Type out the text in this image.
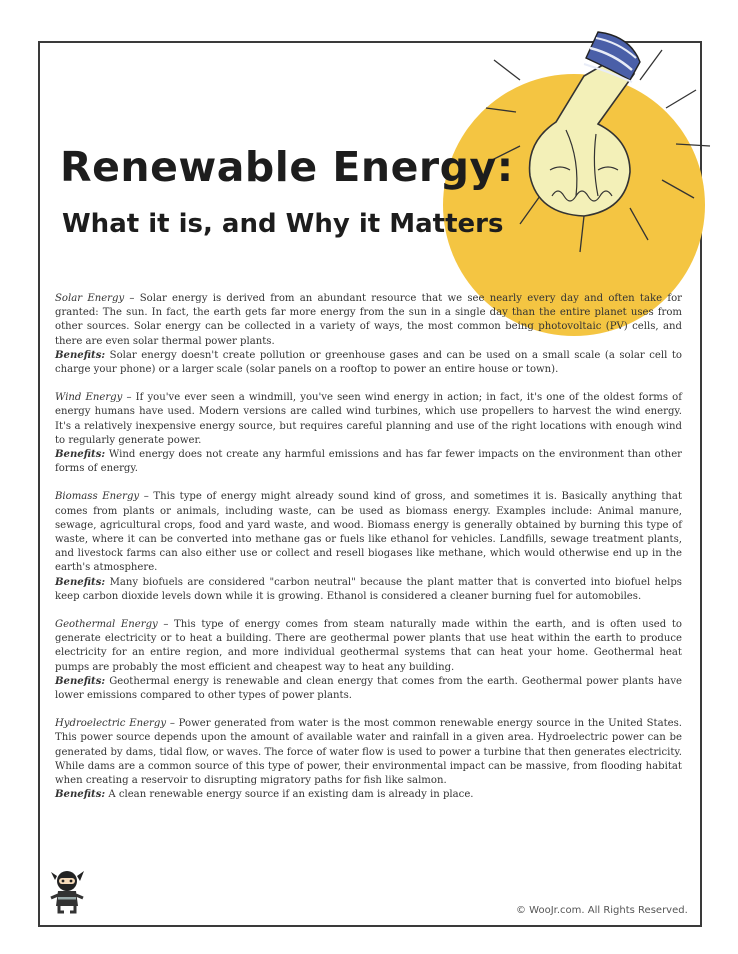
Renewable Energy:
What it is, and Why it Matters

Solar Energy – Solar energy is derived from an abundant resource that we see nearly every day and often take for granted: The sun. In fact, the earth gets far more energy from the sun in a single day than the entire planet uses from other sources. Solar energy can be collected in a variety of ways, the most common being photovoltaic (PV) cells, and there are even solar thermal power plants.

Benefits: Solar energy doesn't create pollution or greenhouse gases and can be used on a small scale (a solar cell to charge your phone) or a larger scale (solar panels on a rooftop to power an entire house or town).

Wind Energy – If you've ever seen a windmill, you've seen wind energy in action; in fact, it's one of the oldest forms of energy humans have used. Modern versions are called wind turbines, which use propellers to harvest the wind energy. It's a relatively inexpensive energy source, but requires careful planning and use of the right locations with enough wind to regularly generate power.

Benefits: Wind energy does not create any harmful emissions and has far fewer impacts on the environment than other forms of energy.

Biomass Energy – This type of energy might already sound kind of gross, and sometimes it is. Basically anything that comes from plants or animals, including waste, can be used as biomass energy. Examples include: Animal manure, sewage, agricultural crops, food and yard waste, and wood. Biomass energy is generally obtained by burning this type of waste, where it can be converted into methane gas or fuels like ethanol for vehicles. Landfills, sewage treatment plants, and livestock farms can also either use or collect and resell biogases like methane, which would otherwise end up in the earth's atmosphere.

Benefits: Many biofuels are considered "carbon neutral" because the plant matter that is converted into biofuel helps keep carbon dioxide levels down while it is growing. Ethanol is considered a cleaner burning fuel for automobiles.

Geothermal Energy – This type of energy comes from steam naturally made within the earth, and is often used to generate electricity or to heat a building. There are geothermal power plants that use heat within the earth to produce electricity for an entire region, and more individual geothermal systems that can heat your home. Geothermal heat pumps are probably the most efficient and cheapest way to heat any building.

Benefits: Geothermal energy is renewable and clean energy that comes from the earth. Geothermal power plants have lower emissions compared to other types of power plants.

Hydroelectric Energy – Power generated from water is the most common renewable energy source in the United States. This power source depends upon the amount of available water and rainfall in a given area. Hydroelectric power can be generated by dams, tidal flow, or waves. The force of water flow is used to power a turbine that then generates electricity. While dams are a common source of this type of power, their environmental impact can be massive, from flooding habitat when creating a reservoir to disrupting migratory paths for fish like salmon.

Benefits: A clean renewable energy source if an existing dam is already in place.

© WooJr.com. All Rights Reserved.
